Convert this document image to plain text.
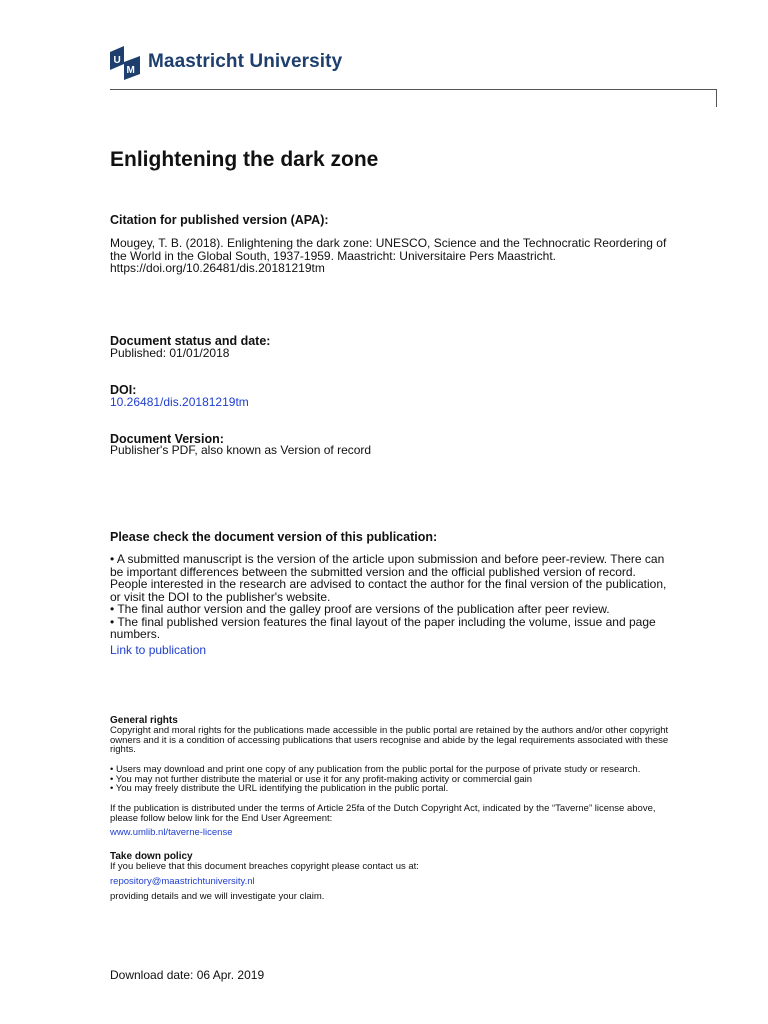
U
M Maastricht University
Enlightening the dark zone
Citation for published version (APA):
Mougey, T. B. (2018). Enlightening the dark zone: UNESCO, Science and the Technocratic Reordering of
the World in the Global South, 1937-1959. Maastricht: Universitaire Pers Maastricht.
https://doi.org/10.26481/dis.20181219tm
Document status and date:
Published: 01/01/2018
DOI:
10.26481/dis.20181219tm
Document Version:
Publisher's PDF, also known as Version of record
Please check the document version of this publication:
• A submitted manuscript is the version of the article upon submission and before peer-review. There can
be important differences between the submitted version and the official published version of record.
People interested in the research are advised to contact the author for the final version of the publication,
or visit the DOI to the publisher's website.
• The final author version and the galley proof are versions of the publication after peer review.
• The final published version features the final layout of the paper including the volume, issue and page
numbers.
Link to publication
General rights
Copyright and moral rights for the publications made accessible in the public portal are retained by the authors and/or other copyright
owners and it is a condition of accessing publications that users recognise and abide by the legal requirements associated with these
rights.
• Users may download and print one copy of any publication from the public portal for the purpose of private study or research.
• You may not further distribute the material or use it for any profit-making activity or commercial gain
• You may freely distribute the URL identifying the publication in the public portal.
If the publication is distributed under the terms of Article 25fa of the Dutch Copyright Act, indicated by the “Taverne” license above,
please follow below link for the End User Agreement:
www.umlib.nl/taverne-license
Take down policy
If you believe that this document breaches copyright please contact us at:
repository@maastrichtuniversity.nl
providing details and we will investigate your claim.
Download date: 06 Apr. 2019
